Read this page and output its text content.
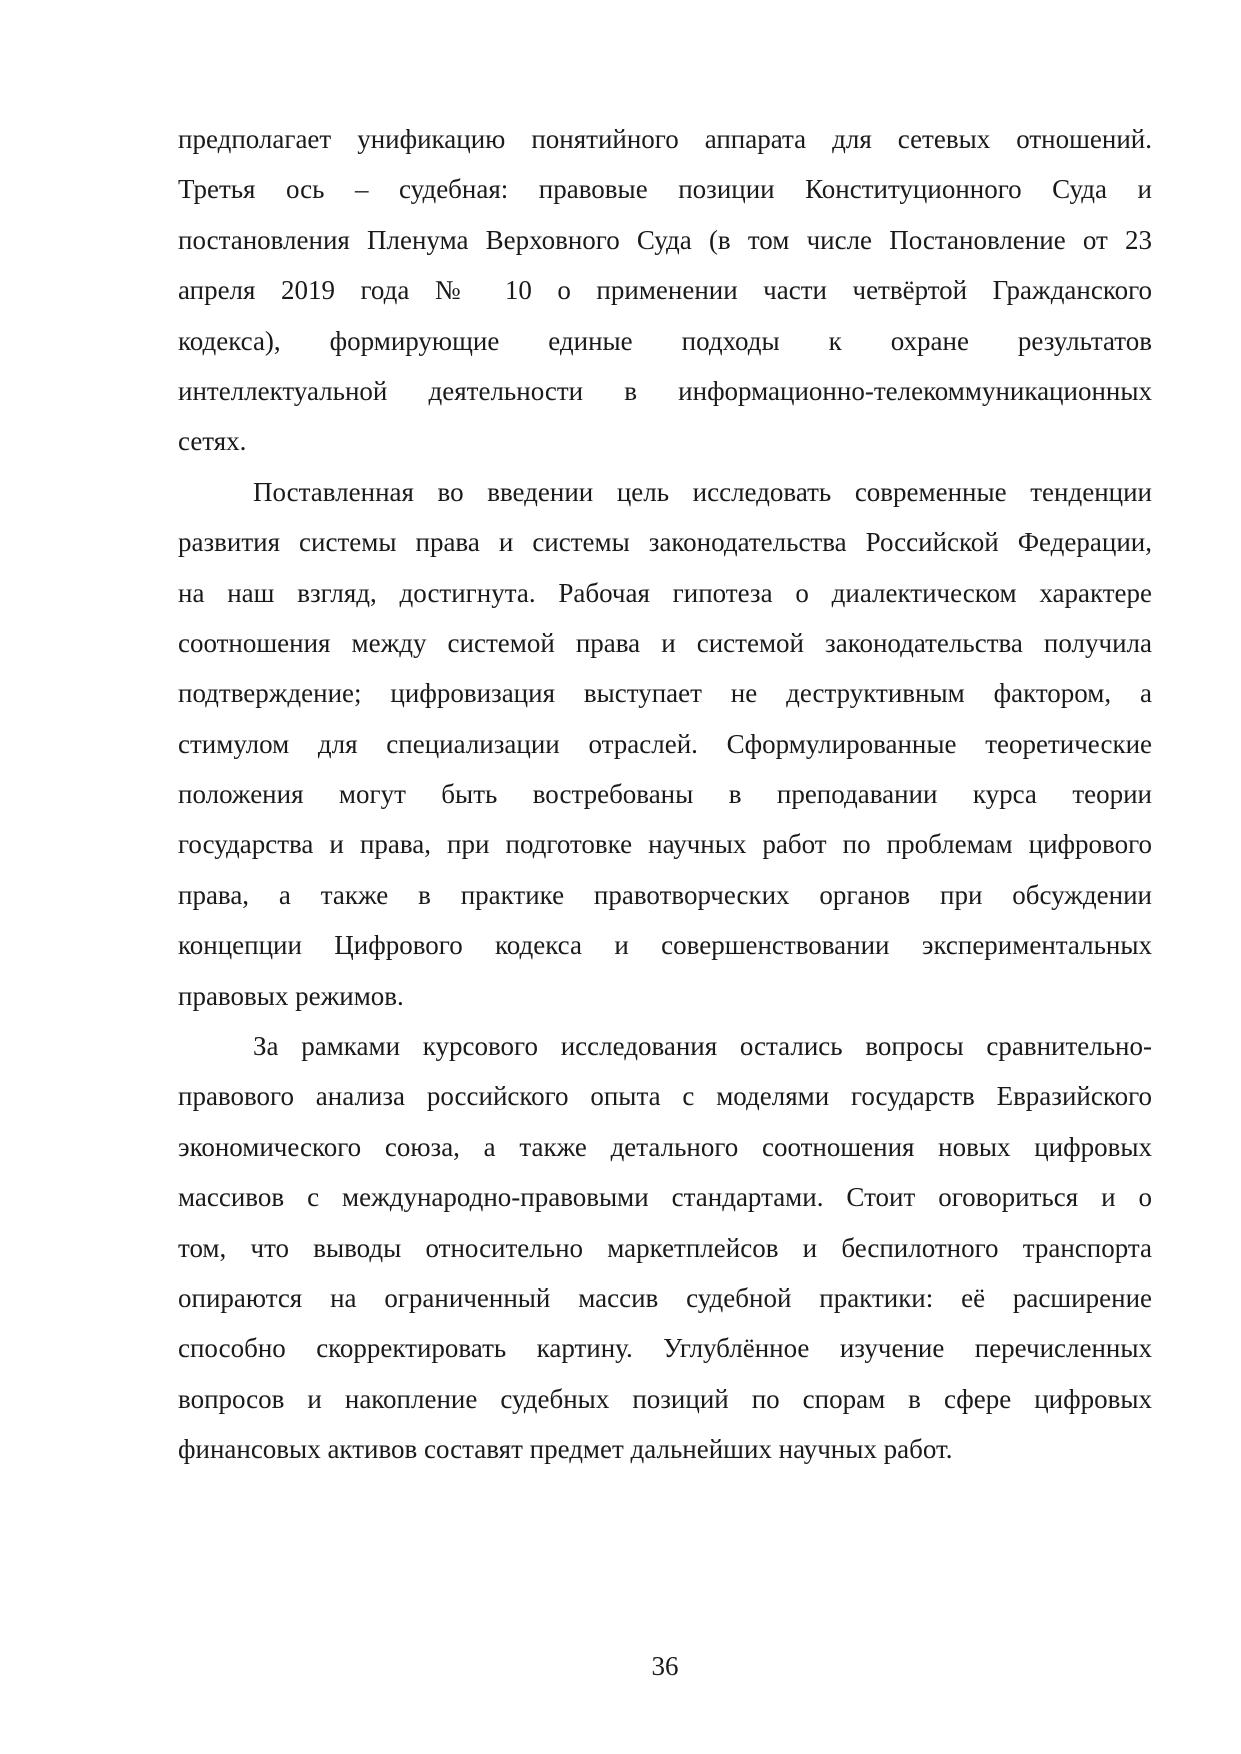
предполагает унификацию понятийного аппарата для сетевых отношений.
Третья ось – судебная: правовые позиции Конституционного Суда и
постановления Пленума Верховного Суда (в том числе Постановление от 23
апреля 2019 года № 10 о применении части четвёртой Гражданского
кодекса), формирующие единые подходы к охране результатов
интеллектуальной деятельности в информационно-телекоммуникационных
сетях.
Поставленная во введении цель исследовать современные тенденции
развития системы права и системы законодательства Российской Федерации,
на наш взгляд, достигнута. Рабочая гипотеза о диалектическом характере
соотношения между системой права и системой законодательства получила
подтверждение; цифровизация выступает не деструктивным фактором, а
стимулом для специализации отраслей. Сформулированные теоретические
положения могут быть востребованы в преподавании курса теории
государства и права, при подготовке научных работ по проблемам цифрового
права, а также в практике правотворческих органов при обсуждении
концепции Цифрового кодекса и совершенствовании экспериментальных
правовых режимов.
За рамками курсового исследования остались вопросы сравнительно-
правового анализа российского опыта с моделями государств Евразийского
экономического союза, а также детального соотношения новых цифровых
массивов с международно-правовыми стандартами. Стоит оговориться и о
том, что выводы относительно маркетплейсов и беспилотного транспорта
опираются на ограниченный массив судебной практики: её расширение
способно скорректировать картину. Углублённое изучение перечисленных
вопросов и накопление судебных позиций по спорам в сфере цифровых
финансовых активов составят предмет дальнейших научных работ.
36
